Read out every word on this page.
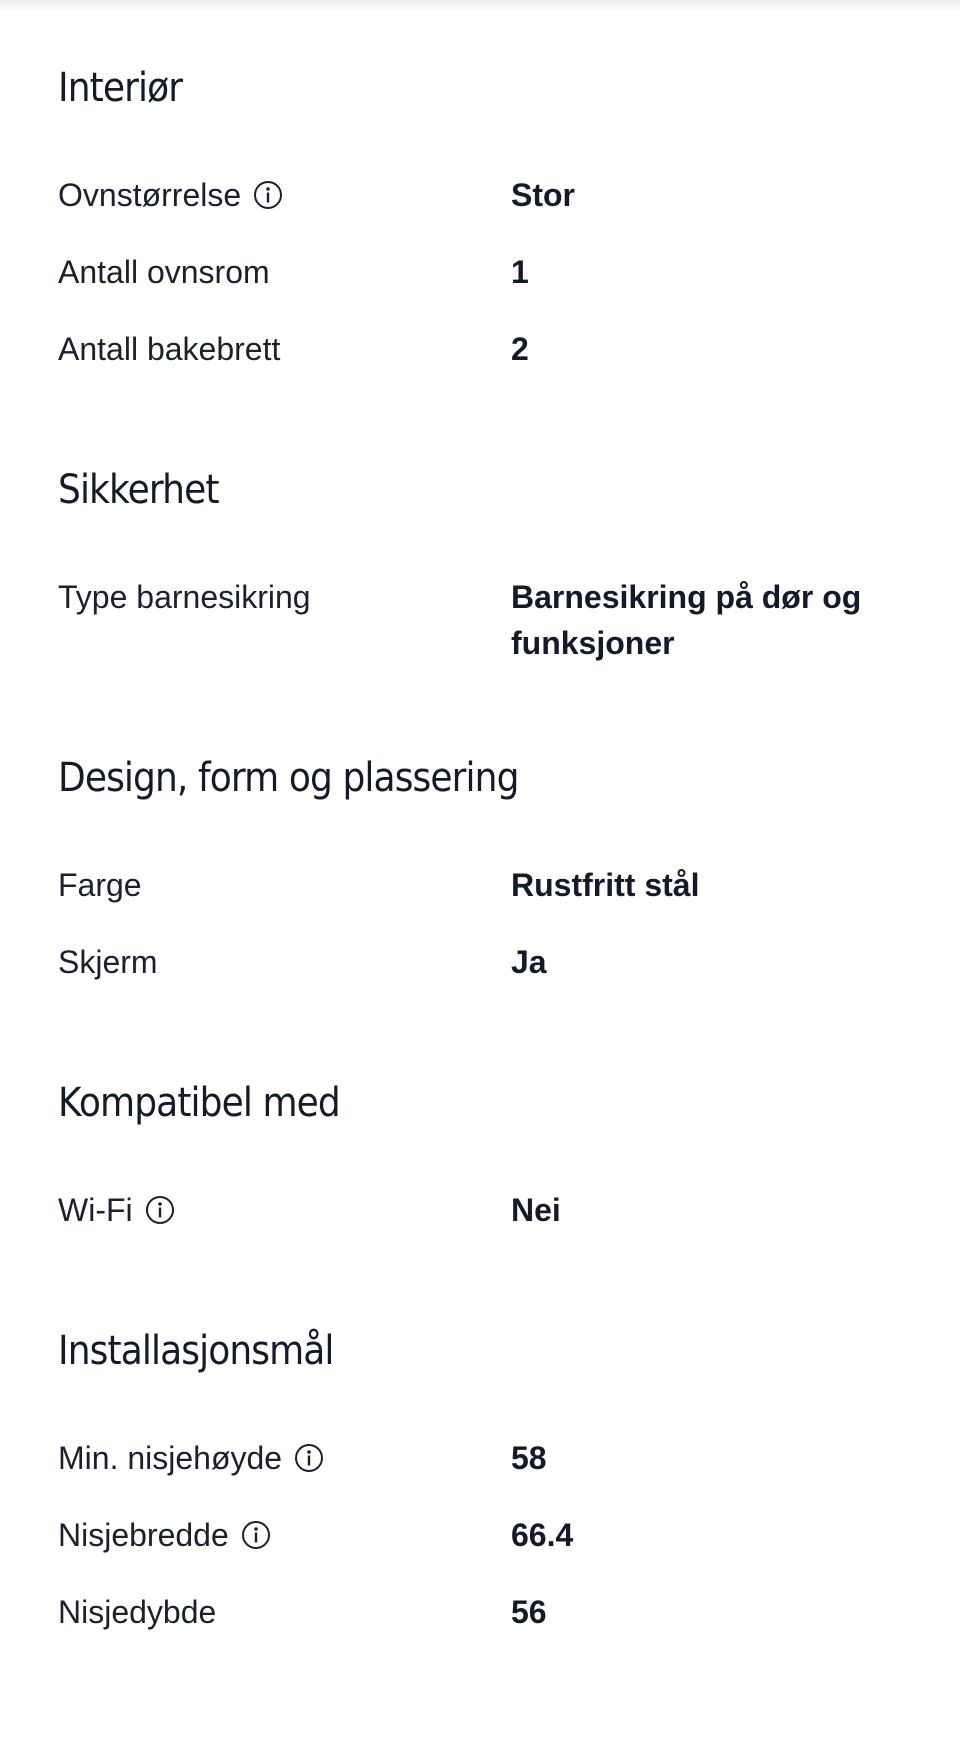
Interiør
Ovnstørrelse	Stor
Antall ovnsrom	1
Antall bakebrett	2
Sikkerhet
Type barnesikring	Barnesikring på dør og funksjoner
Design, form og plassering
Farge	Rustfritt stål
Skjerm	Ja
Kompatibel med
Wi-Fi	Nei
Installasjonsmål
Min. nisjehøyde	58
Nisjebredde	66.4
Nisjedybde	56
